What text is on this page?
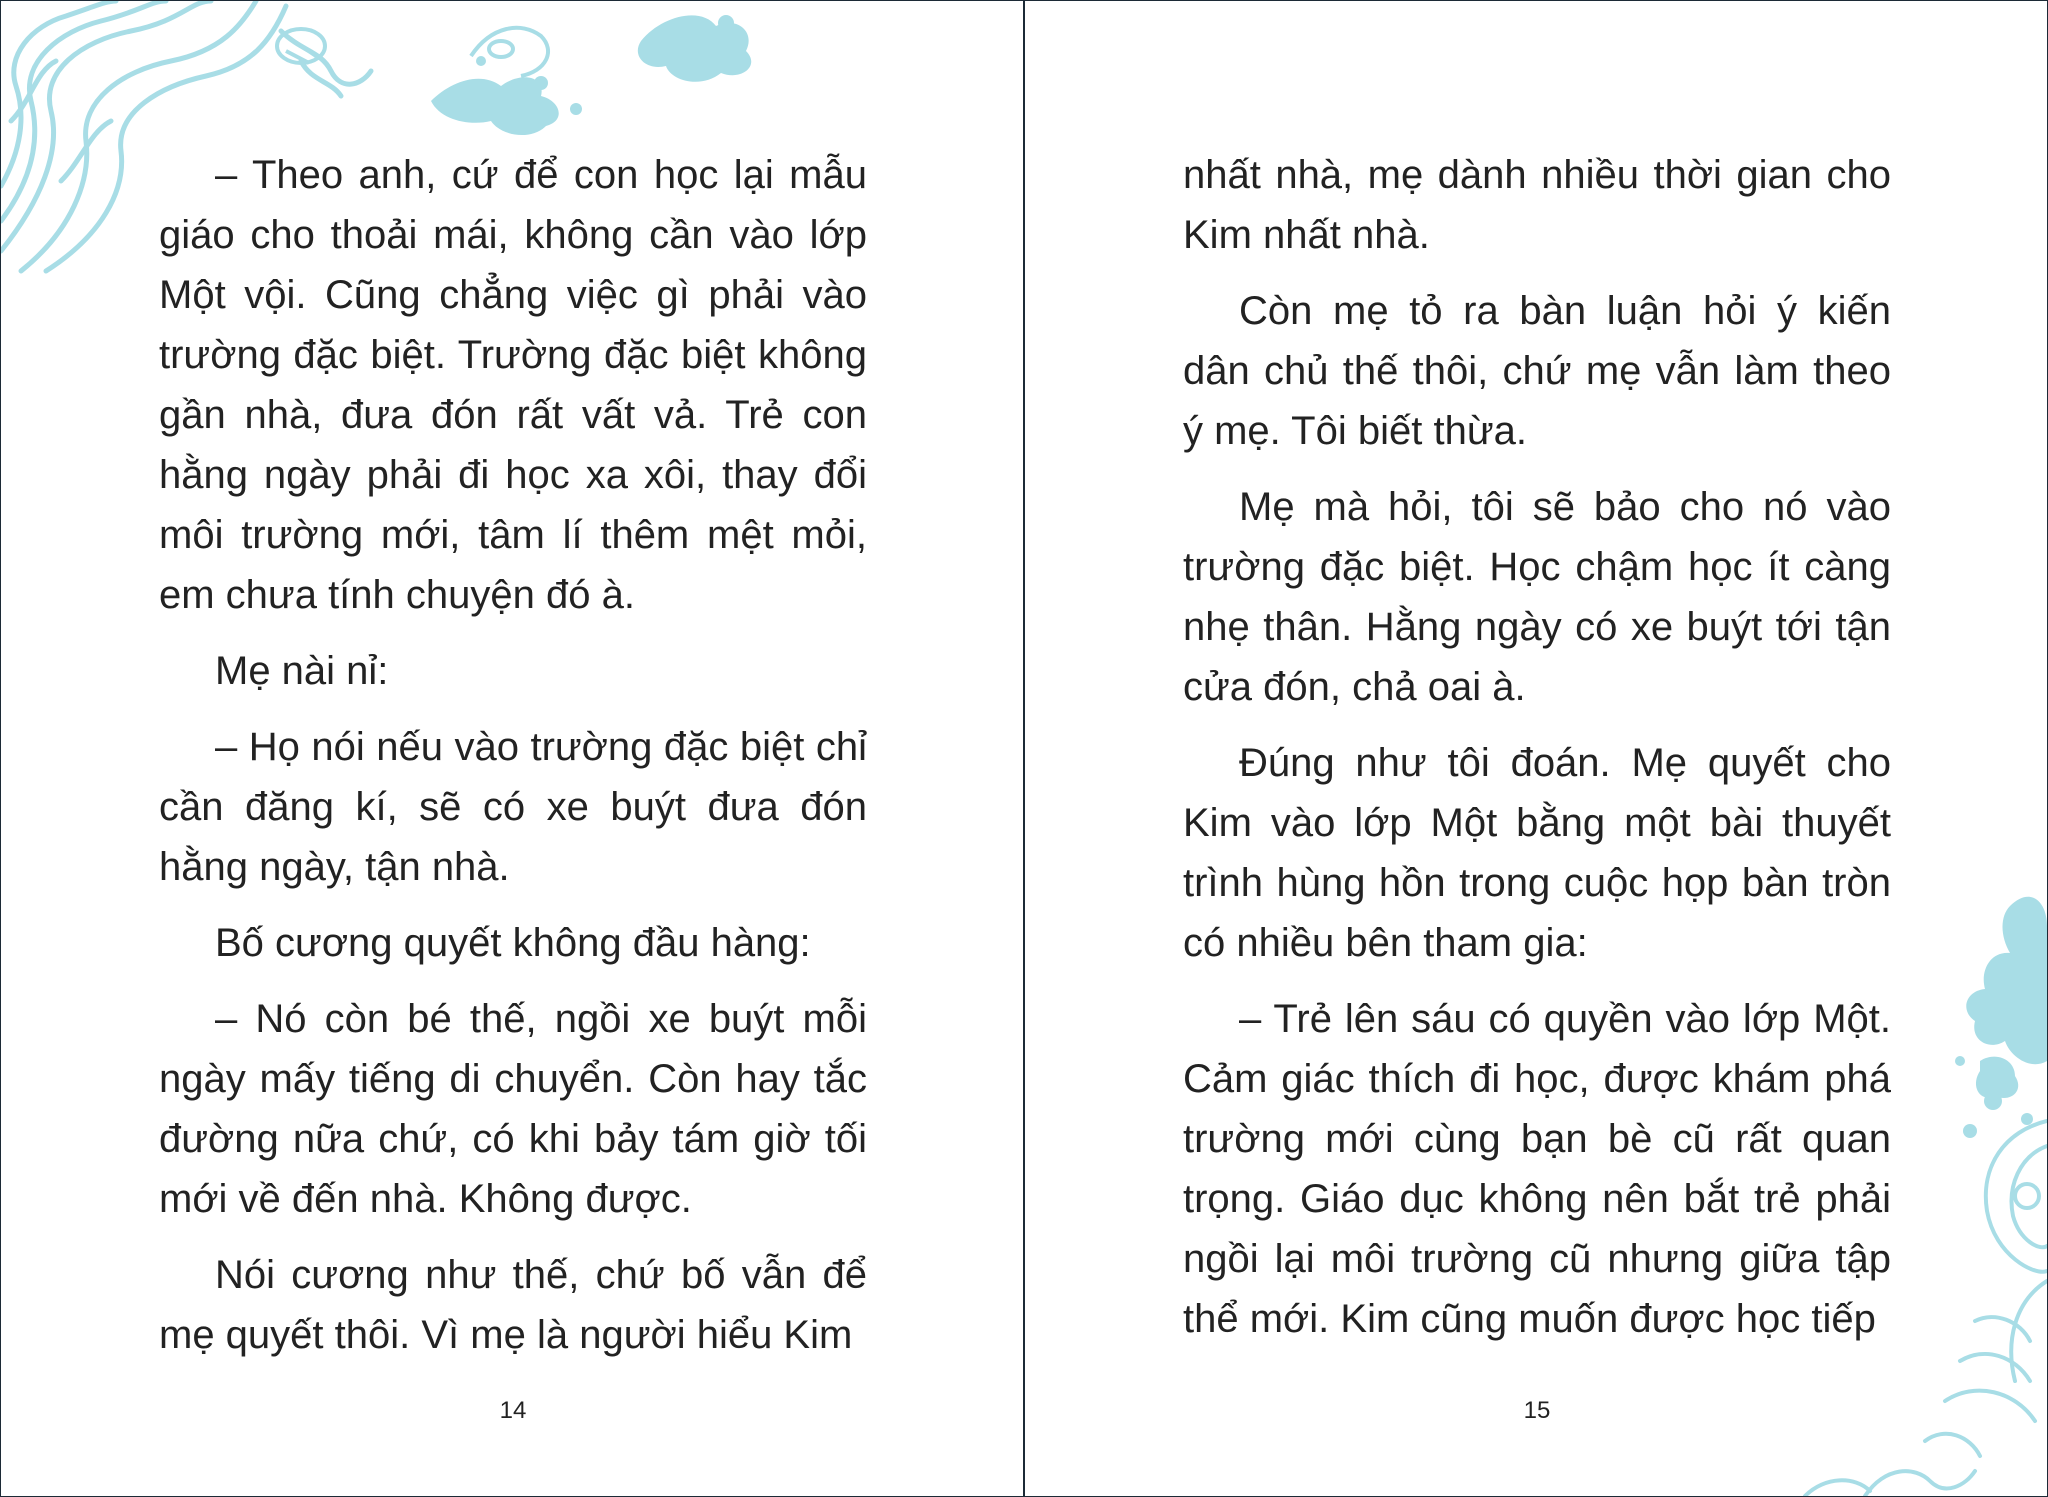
– Theo anh, cứ để con học lại mẫu giáo cho thoải mái, không cần vào lớp Một vội. Cũng chẳng việc gì phải vào trường đặc biệt. Trường đặc biệt không gần nhà, đưa đón rất vất vả. Trẻ con hằng ngày phải đi học xa xôi, thay đổi môi trường mới, tâm lí thêm mệt mỏi, em chưa tính chuyện đó à.

Mẹ nài nỉ:

– Họ nói nếu vào trường đặc biệt chỉ cần đăng kí, sẽ có xe buýt đưa đón hằng ngày, tận nhà.

Bố cương quyết không đầu hàng:

– Nó còn bé thế, ngồi xe buýt mỗi ngày mấy tiếng di chuyển. Còn hay tắc đường nữa chứ, có khi bảy tám giờ tối mới về đến nhà. Không được.

Nói cương như thế, chứ bố vẫn để mẹ quyết thôi. Vì mẹ là người hiểu Kim

14

nhất nhà, mẹ dành nhiều thời gian cho Kim nhất nhà.

Còn mẹ tỏ ra bàn luận hỏi ý kiến dân chủ thế thôi, chứ mẹ vẫn làm theo ý mẹ. Tôi biết thừa.

Mẹ mà hỏi, tôi sẽ bảo cho nó vào trường đặc biệt. Học chậm học ít càng nhẹ thân. Hằng ngày có xe buýt tới tận cửa đón, chả oai à.

Đúng như tôi đoán. Mẹ quyết cho Kim vào lớp Một bằng một bài thuyết trình hùng hồn trong cuộc họp bàn tròn có nhiều bên tham gia:

– Trẻ lên sáu có quyền vào lớp Một. Cảm giác thích đi học, được khám phá trường mới cùng bạn bè cũ rất quan trọng. Giáo dục không nên bắt trẻ phải ngồi lại môi trường cũ nhưng giữa tập thể mới. Kim cũng muốn được học tiếp

15
